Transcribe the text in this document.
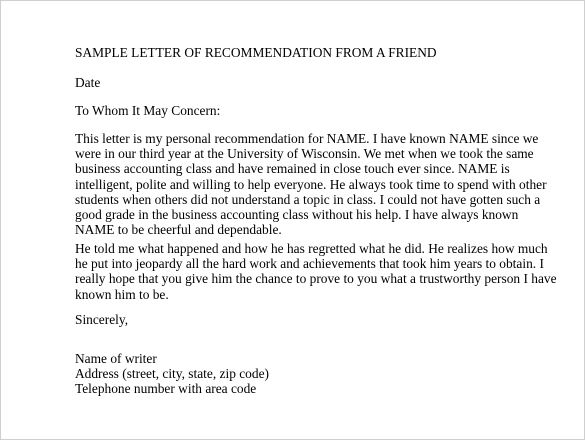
SAMPLE LETTER OF RECOMMENDATION FROM A FRIEND

Date

To Whom It May Concern:

This letter is my personal recommendation for NAME. I have known NAME since we
were in our third year at the University of Wisconsin. We met when we took the same
business accounting class and have remained in close touch ever since. NAME is
intelligent, polite and willing to help everyone. He always took time to spend with other
students when others did not understand a topic in class. I could not have gotten such a
good grade in the business accounting class without his help. I have always known
NAME to be cheerful and dependable.
He told me what happened and how he has regretted what he did. He realizes how much
he put into jeopardy all the hard work and achievements that took him years to obtain. I
really hope that you give him the chance to prove to you what a trustworthy person I have
known him to be.

Sincerely,

Name of writer
Address (street, city, state, zip code)
Telephone number with area code
